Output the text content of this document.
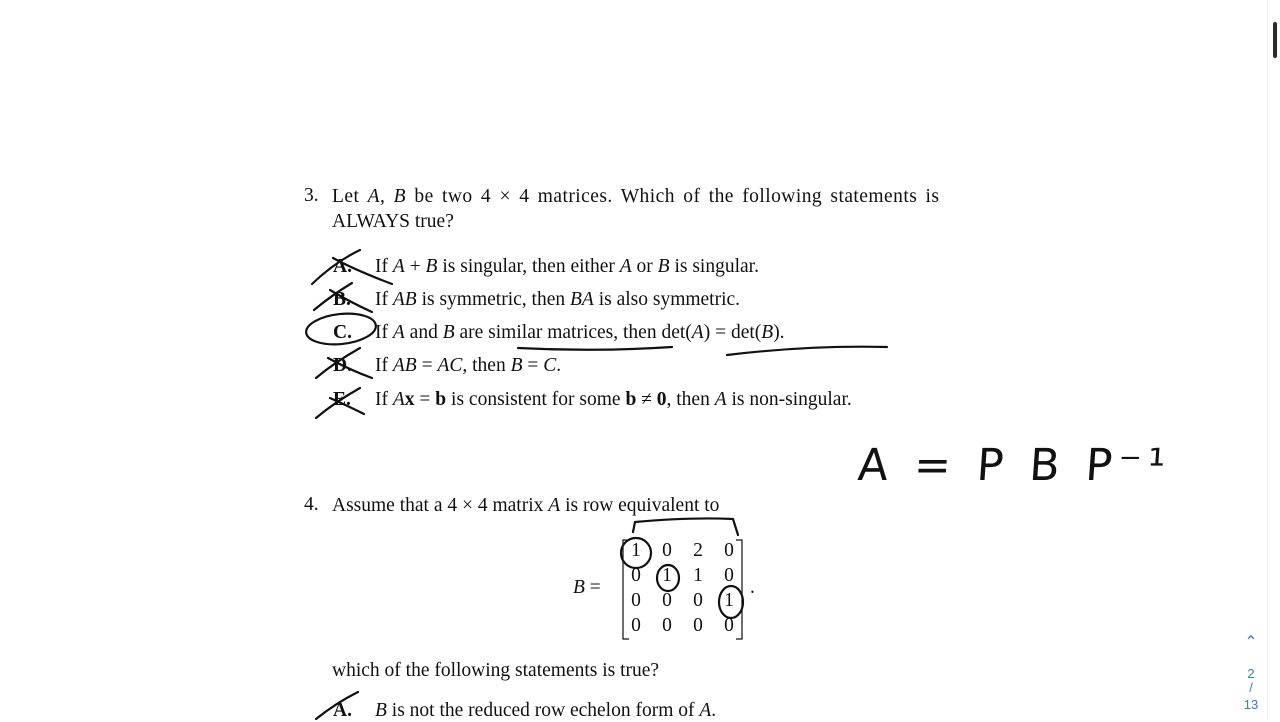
3. Let A, B be two 4 × 4 matrices. Which of the following statements is
ALWAYS true?
A. If A + B is singular, then either A or B is singular.
B. If AB is symmetric, then BA is also symmetric.
C. If A and B are similar matrices, then det(A) = det(B).
D. If AB = AC, then B = C.
E. If Ax = b is consistent for some b ≠ 0, then A is non-singular.
4. Assume that a 4 × 4 matrix A is row equivalent to
B =
1	0	2	0
0	1	1	0
0	0	0	1
0	0	0	0
.
which of the following statements is true?
A. B is not the reduced row echelon form of A.
A = P B P⁻¹
⌃
2
/
13
